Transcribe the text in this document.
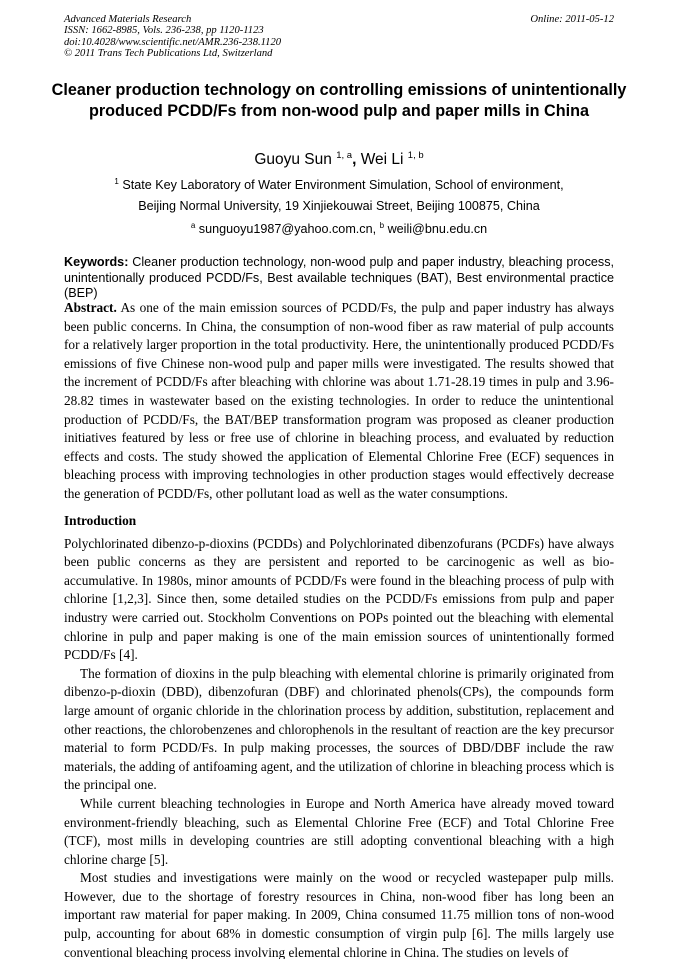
Advanced Materials Research
ISSN: 1662-8985, Vols. 236-238, pp 1120-1123
doi:10.4028/www.scientific.net/AMR.236-238.1120
© 2011 Trans Tech Publications Ltd, Switzerland
Online: 2011-05-12
Cleaner production technology on controlling emissions of unintentionally produced PCDD/Fs from non-wood pulp and paper mills in China
Guoyu Sun $^{1, a}$, Wei Li $^{1, b}$
$^1$ State Key Laboratory of Water Environment Simulation, School of environment,
Beijing Normal University, 19 Xinjiekouwai Street, Beijing 100875, China
$^a$ sunguoyu1987@yahoo.com.cn, $^b$ weili@bnu.edu.cn
Keywords: Cleaner production technology, non-wood pulp and paper industry, bleaching process, unintentionally produced PCDD/Fs, Best available techniques (BAT), Best environmental practice (BEP)
Abstract. As one of the main emission sources of PCDD/Fs, the pulp and paper industry has always been public concerns. In China, the consumption of non-wood fiber as raw material of pulp accounts for a relatively larger proportion in the total productivity. Here, the unintentionally produced PCDD/Fs emissions of five Chinese non-wood pulp and paper mills were investigated. The results showed that the increment of PCDD/Fs after bleaching with chlorine was about 1.71-28.19 times in pulp and 3.96-28.82 times in wastewater based on the existing technologies. In order to reduce the unintentional production of PCDD/Fs, the BAT/BEP transformation program was proposed as cleaner production initiatives featured by less or free use of chlorine in bleaching process, and evaluated by reduction effects and costs. The study showed the application of Elemental Chlorine Free (ECF) sequences in bleaching process with improving technologies in other production stages would effectively decrease the generation of PCDD/Fs, other pollutant load as well as the water consumptions.

Introduction

Polychlorinated dibenzo-p-dioxins (PCDDs) and Polychlorinated dibenzofurans (PCDFs) have always been public concerns as they are persistent and reported to be carcinogenic as well as bio-accumulative. In 1980s, minor amounts of PCDD/Fs were found in the bleaching process of pulp with chlorine [1,2,3]. Since then, some detailed studies on the PCDD/Fs emissions from pulp and paper industry were carried out. Stockholm Conventions on POPs pointed out the bleaching with elemental chlorine in pulp and paper making is one of the main emission sources of unintentionally formed PCDD/Fs [4].

The formation of dioxins in the pulp bleaching with elemental chlorine is primarily originated from dibenzo-p-dioxin (DBD), dibenzofuran (DBF) and chlorinated phenols(CPs), the compounds form large amount of organic chloride in the chlorination process by addition, substitution, replacement and other reactions, the chlorobenzenes and chlorophenols in the resultant of reaction are the key precursor material to form PCDD/Fs. In pulp making processes, the sources of DBD/DBF include the raw materials, the adding of antifoaming agent, and the utilization of chlorine in bleaching process which is the principal one.

While current bleaching technologies in Europe and North America have already moved toward environment-friendly bleaching, such as Elemental Chlorine Free (ECF) and Total Chlorine Free (TCF), most mills in developing countries are still adopting conventional bleaching with a high chlorine charge [5].

Most studies and investigations were mainly on the wood or recycled wastepaper pulp mills. However, due to the shortage of forestry resources in China, non-wood fiber has long been an important raw material for paper making. In 2009, China consumed 11.75 million tons of non-wood pulp, accounting for about 68% in domestic consumption of virgin pulp [6]. The mills largely use conventional bleaching process involving elemental chlorine in China. The studies on levels of
